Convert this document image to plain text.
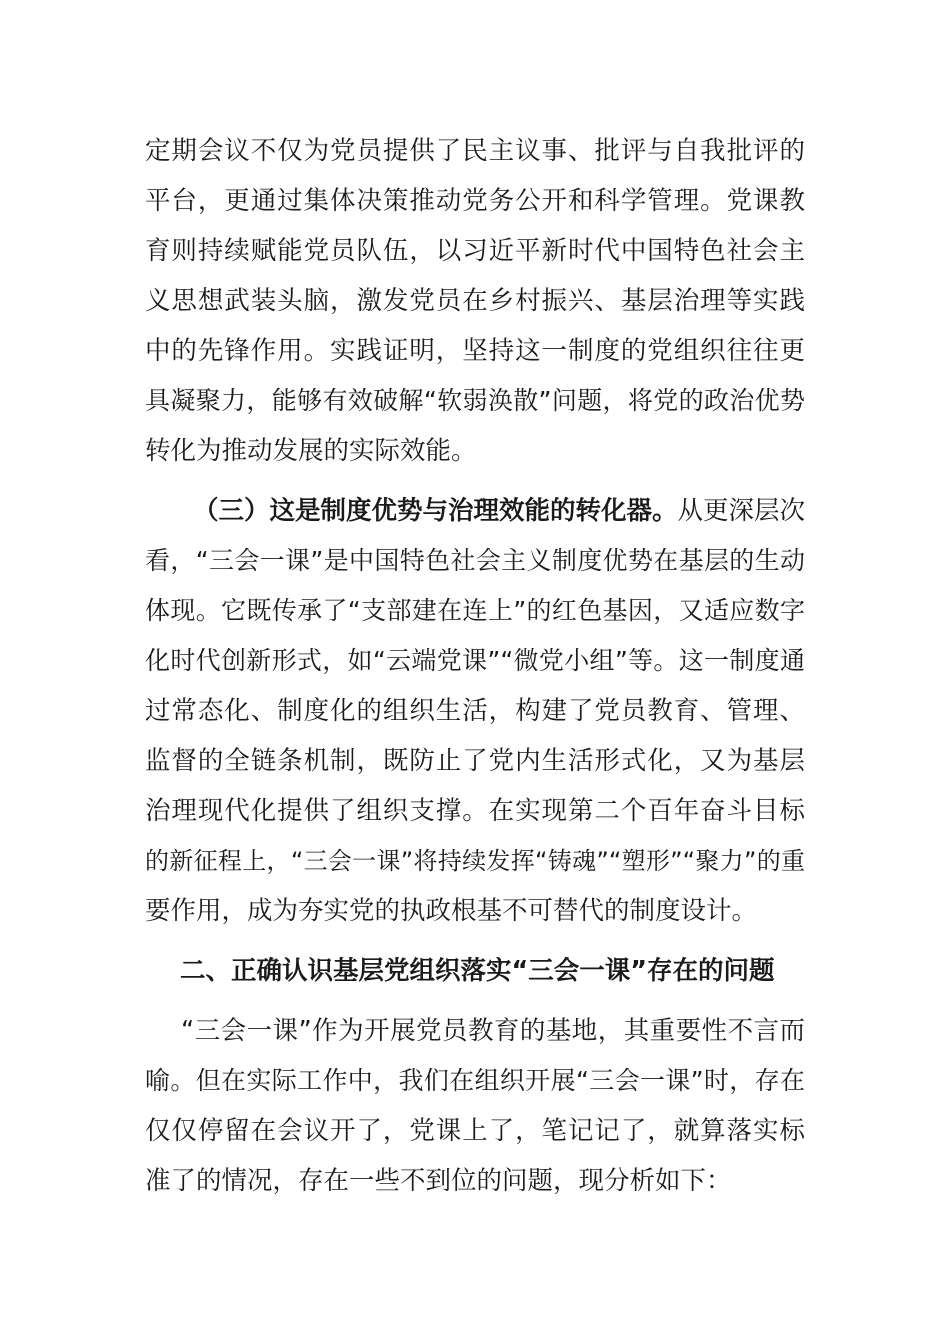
定期会议不仅为党员提供了民主议事、批评与自我批评的
平台，更通过集体决策推动党务公开和科学管理。党课教
育则持续赋能党员队伍，以习近平新时代中国特色社会主
义思想武装头脑，激发党员在乡村振兴、基层治理等实践
中的先锋作用。实践证明，坚持这一制度的党组织往往更
具凝聚力，能够有效破解“软弱涣散”问题，将党的政治优势
转化为推动发展的实际效能。
（三）这是制度优势与治理效能的转化器。从更深层次
看，“三会一课”是中国特色社会主义制度优势在基层的生动
体现。它既传承了“支部建在连上”的红色基因，又适应数字
化时代创新形式，如“云端党课”“微党小组”等。这一制度通
过常态化、制度化的组织生活，构建了党员教育、管理、
监督的全链条机制，既防止了党内生活形式化，又为基层
治理现代化提供了组织支撑。在实现第二个百年奋斗目标
的新征程上，“三会一课”将持续发挥“铸魂”“塑形”“聚力”的重
要作用，成为夯实党的执政根基不可替代的制度设计。
二、正确认识基层党组织落实“三会一课”存在的问题
“三会一课”作为开展党员教育的基地，其重要性不言而
喻。但在实际工作中，我们在组织开展“三会一课”时，存在
仅仅停留在会议开了，党课上了，笔记记了，就算落实标
准了的情况，存在一些不到位的问题，现分析如下：
